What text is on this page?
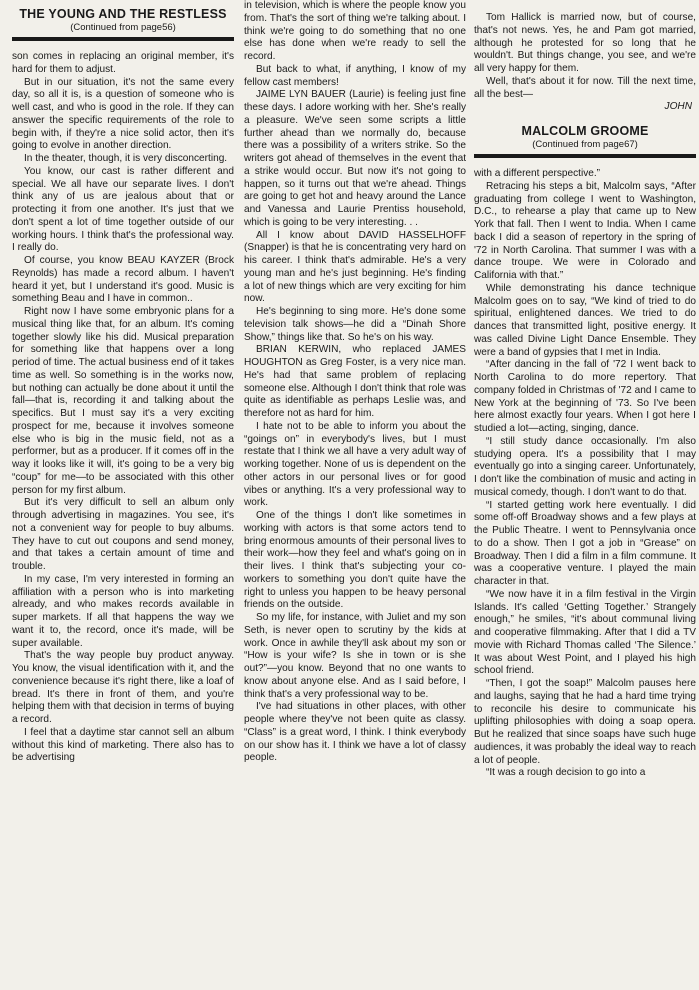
THE YOUNG AND THE RESTLESS
(Continued from page56)

son comes in replacing an original member, it's hard for them to adjust.

But in our situation, it's not the same every day, so all it is, is a question of someone who is well cast, and who is good in the role. If they can answer the specific requirements of the role to begin with, if they're a nice solid actor, then it's going to evolve in another direction.

In the theater, though, it is very disconcerting.

You know, our cast is rather different and special. We all have our separate lives. I don't think any of us are jealous about that or protecting it from one another. It's just that we don't spent a lot of time together outside of our working hours. I think that's the professional way. I really do.

Of course, you know BEAU KAYZER (Brock Reynolds) has made a record album. I haven't heard it yet, but I understand it's good. Music is something Beau and I have in common..

Right now I have some embryonic plans for a musical thing like that, for an album. It's coming together slowly like his did. Musical preparation for something like that happens over a long period of time. The actual business end of it takes time as well. So something is in the works now, but nothing can actually be done about it until the fall—that is, recording it and talking about the specifics. But I must say it's a very exciting prospect for me, because it involves someone else who is big in the music field, not as a performer, but as a producer. If it comes off in the way it looks like it will, it's going to be a very big “coup” for me—to be associated with this other person for my first album.

But it's very difficult to sell an album only through advertising in magazines. You see, it's not a convenient way for people to buy albums. They have to cut out coupons and send money, and that takes a certain amount of time and trouble.

In my case, I'm very interested in forming an affiliation with a person who is into marketing already, and who makes records available in super markets. If all that happens the way we want it to, the record, once it's made, will be super available.

That's the way people buy product anyway. You know, the visual identification with it, and the convenience because it's right there, like a loaf of bread. It's there in front of them, and you're helping them with that decision in terms of buying a record.

I feel that a daytime star cannot sell an album without this kind of marketing. There also has to be advertising

in television, which is where the people know you from. That's the sort of thing we're talking about. I think we're going to do something that no one else has done when we're ready to sell the record.

But back to what, if anything, I know of my fellow cast members!

JAIME LYN BAUER (Laurie) is feeling just fine these days. I adore working with her. She's really a pleasure. We've seen some scripts a little further ahead than we normally do, because there was a possibility of a writers strike. So the writers got ahead of themselves in the event that a strike would occur. But now it's not going to happen, so it turns out that we're ahead. Things are going to get hot and heavy around the Lance and Vanessa and Laurie Prentiss household, which is going to be very interesting. . .

All I know about DAVID HASSELHOFF (Snapper) is that he is concentrating very hard on his career. I think that's admirable. He's a very young man and he's just beginning. He's finding a lot of new things which are very exciting for him now.

He's beginning to sing more. He's done some television talk shows—he did a “Dinah Shore Show,” things like that. So he's on his way.

BRIAN KERWIN, who replaced JAMES HOUGHTON as Greg Foster, is a very nice man. He's had that same problem of replacing someone else. Although I don't think that role was quite as identifiable as perhaps Leslie was, and therefore not as hard for him.

I hate not to be able to inform you about the “goings on” in everybody's lives, but I must restate that I think we all have a very adult way of working together. None of us is dependent on the other actors in our personal lives or for good vibes or anything. It's a very professional way to work.

One of the things I don't like sometimes in working with actors is that some actors tend to bring enormous amounts of their personal lives to their work—how they feel and what's going on in their lives. I think that's subjecting your co-workers to something you don't quite have the right to unless you happen to be heavy personal friends on the outside.

So my life, for instance, with Juliet and my son Seth, is never open to scrutiny by the kids at work. Once in awhile they'll ask about my son or “How is your wife? Is she in town or is she out?”—you know. Beyond that no one wants to know about anyone else. And as I said before, I think that's a very professional way to be.

I've had situations in other places, with other people where they've not been quite as classy. “Class” is a great word, I think. I think everybody on our show has it. I think we have a lot of classy people.

Tom Hallick is married now, but of course, that's not news. Yes, he and Pam got married, although he protested for so long that he wouldn't. But things change, you see, and we're all very happy for them.

Well, that's about it for now. Till the next time, all the best—

JOHN
MALCOLM GROOME
(Continued from page67)

with a different perspective.”

Retracing his steps a bit, Malcolm says, “After graduating from college I went to Washington, D.C., to rehearse a play that came up to New York that fall. Then I went to India. When I came back I did a season of repertory in the spring of '72 in North Carolina. That summer I was with a dance troupe. We were in Colorado and California with that.”

While demonstrating his dance technique Malcolm goes on to say, “We kind of tried to do spiritual, enlightened dances. We tried to do dances that transmitted light, positive energy. It was called Divine Light Dance Ensemble. They were a band of gypsies that I met in India.

“After dancing in the fall of '72 I went back to North Carolina to do more repertory. That company folded in Christmas of '72 and I came to New York at the beginning of '73. So I've been here almost exactly four years. When I got here I studied a lot—acting, singing, dance.

“I still study dance occasionally. I'm also studying opera. It's a possibility that I may eventually go into a singing career. Unfortunately, I don't like the combination of music and acting in musical comedy, though. I don't want to do that.

“I started getting work here eventually. I did some off-off Broadway shows and a few plays at the Public Theatre. I went to Pennsylvania once to do a show. Then I got a job in “Grease” on Broadway. Then I did a film in a film commune. It was a cooperative venture. I played the main character in that.

“We now have it in a film festival in the Virgin Islands. It's called ‘Getting Together.’ Strangely enough,” he smiles, “it's about communal living and cooperative filmmaking. After that I did a TV movie with Richard Thomas called ‘The Silence.’ It was about West Point, and I played his high school friend.

“Then, I got the soap!” Malcolm pauses here and laughs, saying that he had a hard time trying to reconcile his desire to communicate his uplifting philosophies with doing a soap opera. But he realized that since soaps have such huge audiences, it was probably the ideal way to reach a lot of people.

“It was a rough decision to go into a
